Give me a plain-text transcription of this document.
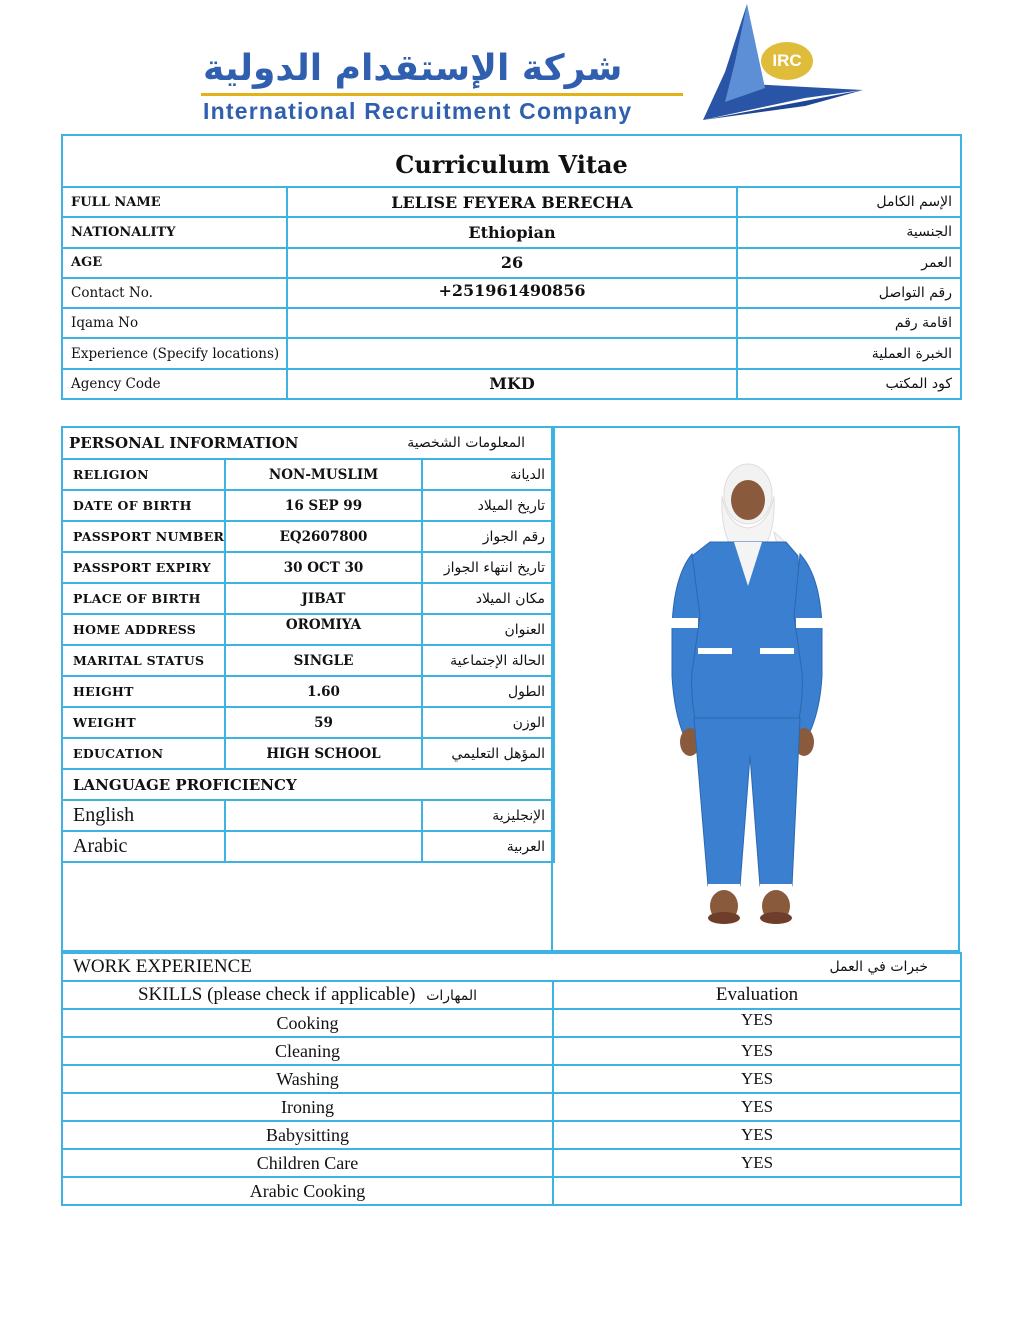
شركة الإستقدام الدولية
International Recruitment Company
IRC
Curriculum Vitae		
FULL NAME	LELISE FEYERA BERECHA	الإسم الكامل
NATIONALITY	Ethiopian	الجنسية
AGE	26	العمر
Contact No.	+251961490856	رقم التواصل
Iqama No		اقامة رقم
Experience (Specify locations)		الخبرة العملية
Agency Code	MKD	كود المكتب
PERSONAL INFORMATION		المعلومات الشخصية
RELIGION	NON-MUSLIM	الديانة
DATE OF BIRTH	16 SEP 99	تاريخ الميلاد
PASSPORT NUMBER	EQ2607800	رقم الجواز
PASSPORT EXPIRY	30 OCT 30	تاريخ انتهاء الجواز
PLACE OF BIRTH	JIBAT	مكان الميلاد
HOME ADDRESS	OROMIYA	العنوان
MARITAL STATUS	SINGLE	الحالة الإجتماعية
HEIGHT	1.60	الطول
WEIGHT	59	الوزن
EDUCATION	HIGH SCHOOL	المؤهل التعليمي
LANGUAGE PROFICIENCY		
English		الإنجليزية
Arabic		العربية
WORK EXPERIENCE	خبرات في العمل
SKILLS (please check if applicable) المهارات	Evaluation
Cooking	YES
Cleaning	YES
Washing	YES
Ironing	YES
Babysitting	YES
Children Care	YES
Arabic Cooking	
